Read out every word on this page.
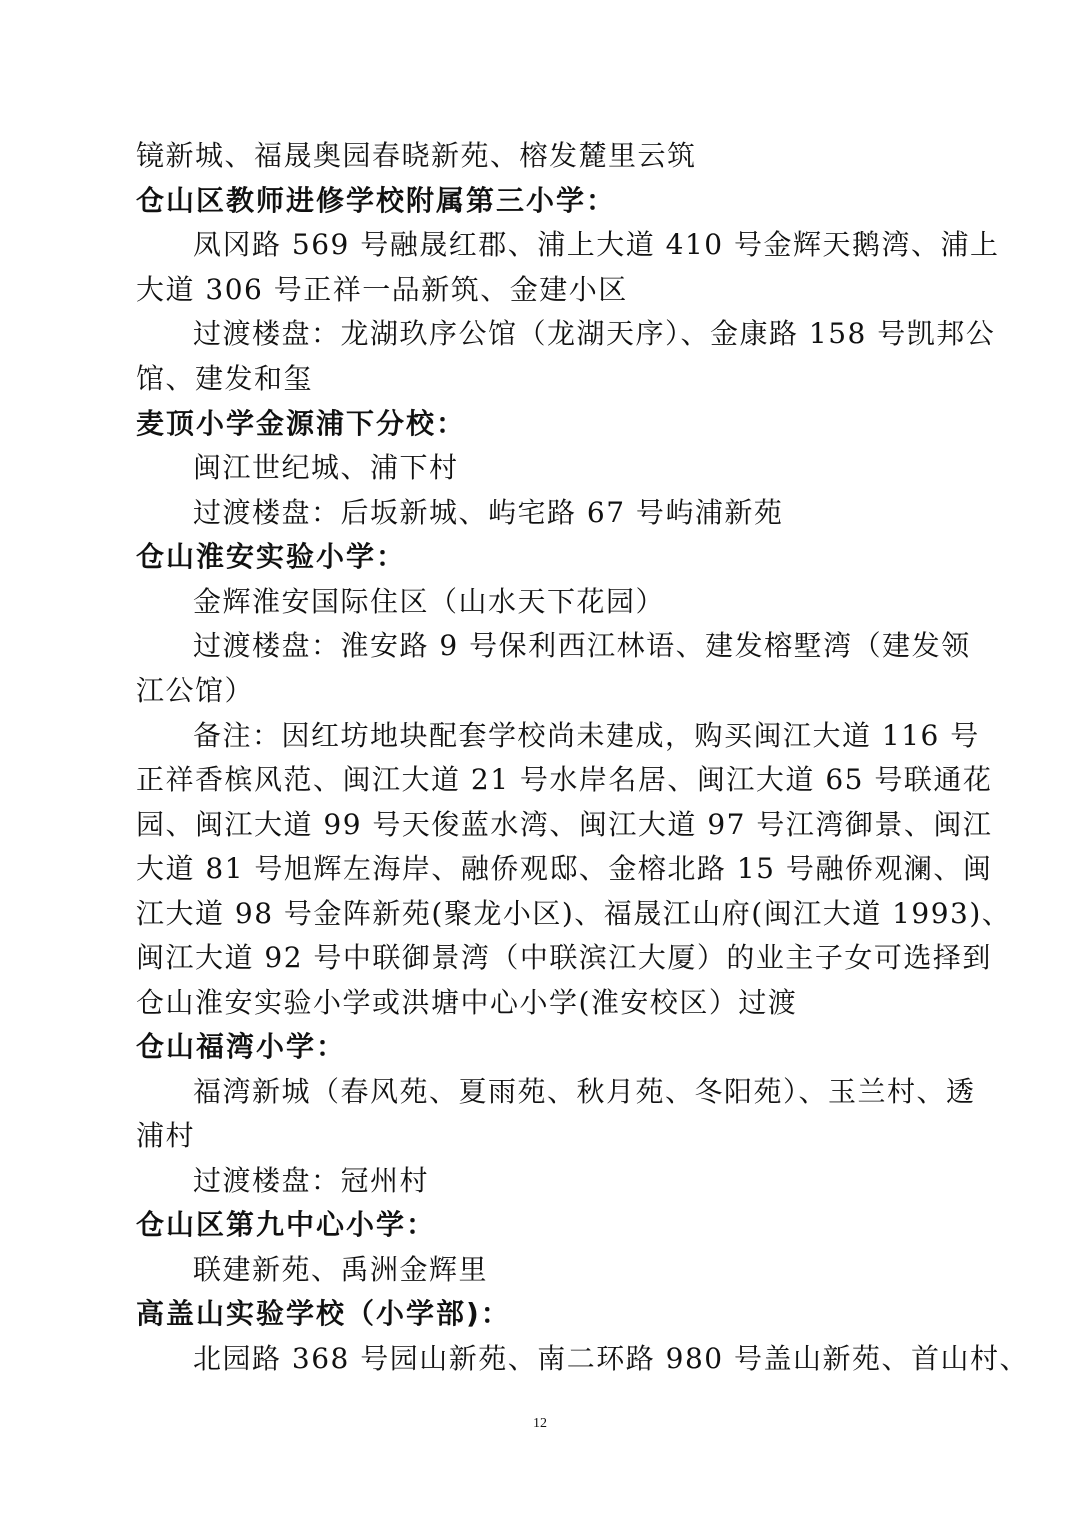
镜新城、福晟奥园春晓新苑、榕发麓里云筑
仓山区教师进修学校附属第三小学：
凤冈路 569 号融晟红郡、浦上大道 410 号金辉天鹅湾、浦上
大道 306 号正祥一品新筑、金建小区
过渡楼盘：龙湖玖序公馆（龙湖天序）、金康路 158 号凯邦公
馆、建发和玺
麦顶小学金源浦下分校：
闽江世纪城、浦下村
过渡楼盘：后坂新城、屿宅路 67 号屿浦新苑
仓山淮安实验小学：
金辉淮安国际住区（山水天下花园）
过渡楼盘：淮安路 9 号保利西江林语、建发榕墅湾（建发领
江公馆）
备注：因红坊地块配套学校尚未建成，购买闽江大道 116 号
正祥香槟风范、闽江大道 21 号水岸名居、闽江大道 65 号联通花
园、闽江大道 99 号天俊蓝水湾、闽江大道 97 号江湾御景、闽江
大道 81 号旭辉左海岸、融侨观邸、金榕北路 15 号融侨观澜、闽
江大道 98 号金阵新苑(聚龙小区)、福晟江山府(闽江大道 1993)、
闽江大道 92 号中联御景湾（中联滨江大厦）的业主子女可选择到
仓山淮安实验小学或洪塘中心小学(淮安校区）过渡
仓山福湾小学：
福湾新城（春风苑、夏雨苑、秋月苑、冬阳苑）、玉兰村、透
浦村
过渡楼盘：冠州村
仓山区第九中心小学：
联建新苑、禹洲金辉里
高盖山实验学校（小学部)：
北园路 368 号园山新苑、南二环路 980 号盖山新苑、首山村、
12
